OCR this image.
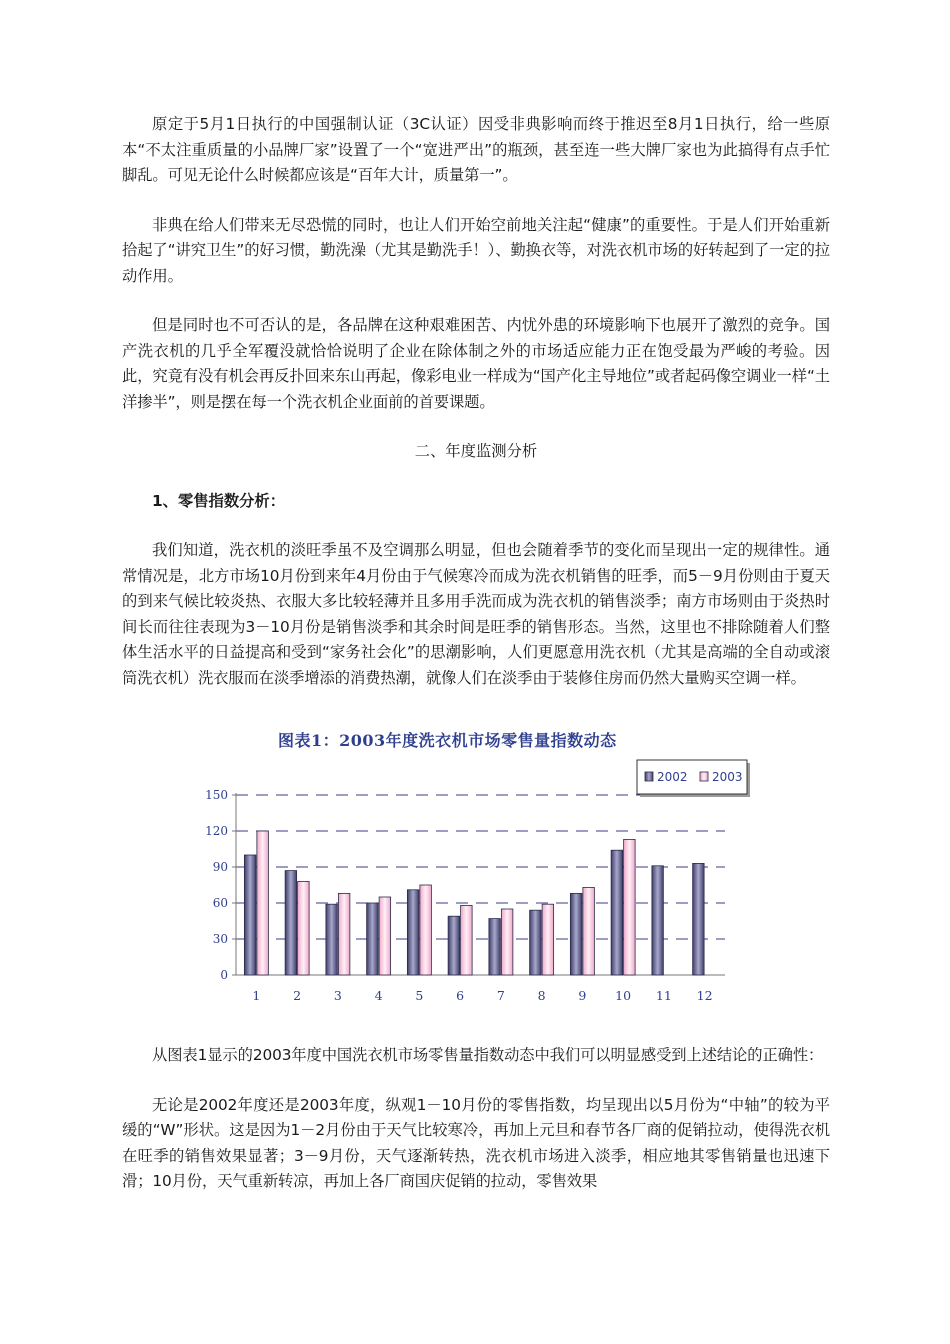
原定于5月1日执行的中国强制认证（3C认证）因受非典影响而终于推迟至8月1日执行，给一些原本“不太注重质量的小品牌厂家”设置了一个“宽进严出”的瓶颈，甚至连一些大牌厂家也为此搞得有点手忙脚乱。可见无论什么时候都应该是“百年大计，质量第一”。

非典在给人们带来无尽恐慌的同时，也让人们开始空前地关注起“健康”的重要性。于是人们开始重新拾起了“讲究卫生”的好习惯，勤洗澡（尤其是勤洗手！）、勤换衣等，对洗衣机市场的好转起到了一定的拉动作用。

但是同时也不可否认的是，各品牌在这种艰难困苦、内忧外患的环境影响下也展开了激烈的竞争。国产洗衣机的几乎全军覆没就恰恰说明了企业在除体制之外的市场适应能力正在饱受最为严峻的考验。因此，究竟有没有机会再反扑回来东山再起，像彩电业一样成为“国产化主导地位”或者起码像空调业一样“土洋掺半”，则是摆在每一个洗衣机企业面前的首要课题。

二、年度监测分析

1、零售指数分析：

我们知道，洗衣机的淡旺季虽不及空调那么明显，但也会随着季节的变化而呈现出一定的规律性。通常情况是，北方市场10月份到来年4月份由于气候寒冷而成为洗衣机销售的旺季，而5－9月份则由于夏天的到来气候比较炎热、衣服大多比较轻薄并且多用手洗而成为洗衣机的销售淡季；南方市场则由于炎热时间长而往往表现为3－10月份是销售淡季和其余时间是旺季的销售形态。当然，这里也不排除随着人们整体生活水平的日益提高和受到“家务社会化”的思潮影响，人们更愿意用洗衣机（尤其是高端的全自动或滚筒洗衣机）洗衣服而在淡季增添的消费热潮，就像人们在淡季由于装修住房而仍然大量购买空调一样。

图表1：2003年度洗衣机市场零售量指数动态
0
30
60
90
120
150
1	2	3	4	5	6	7	8	9 10 11 12
2002 2003

从图表1显示的2003年度中国洗衣机市场零售量指数动态中我们可以明显感受到上述结论的正确性：

无论是2002年度还是2003年度，纵观1－10月份的零售指数，均呈现出以5月份为“中轴”的较为平缓的“W”形状。这是因为1－2月份由于天气比较寒冷，再加上元旦和春节各厂商的促销拉动，使得洗衣机在旺季的销售效果显著；3－9月份，天气逐渐转热，洗衣机市场进入淡季，相应地其零售销量也迅速下滑；10月份，天气重新转凉，再加上各厂商国庆促销的拉动，零售效果
